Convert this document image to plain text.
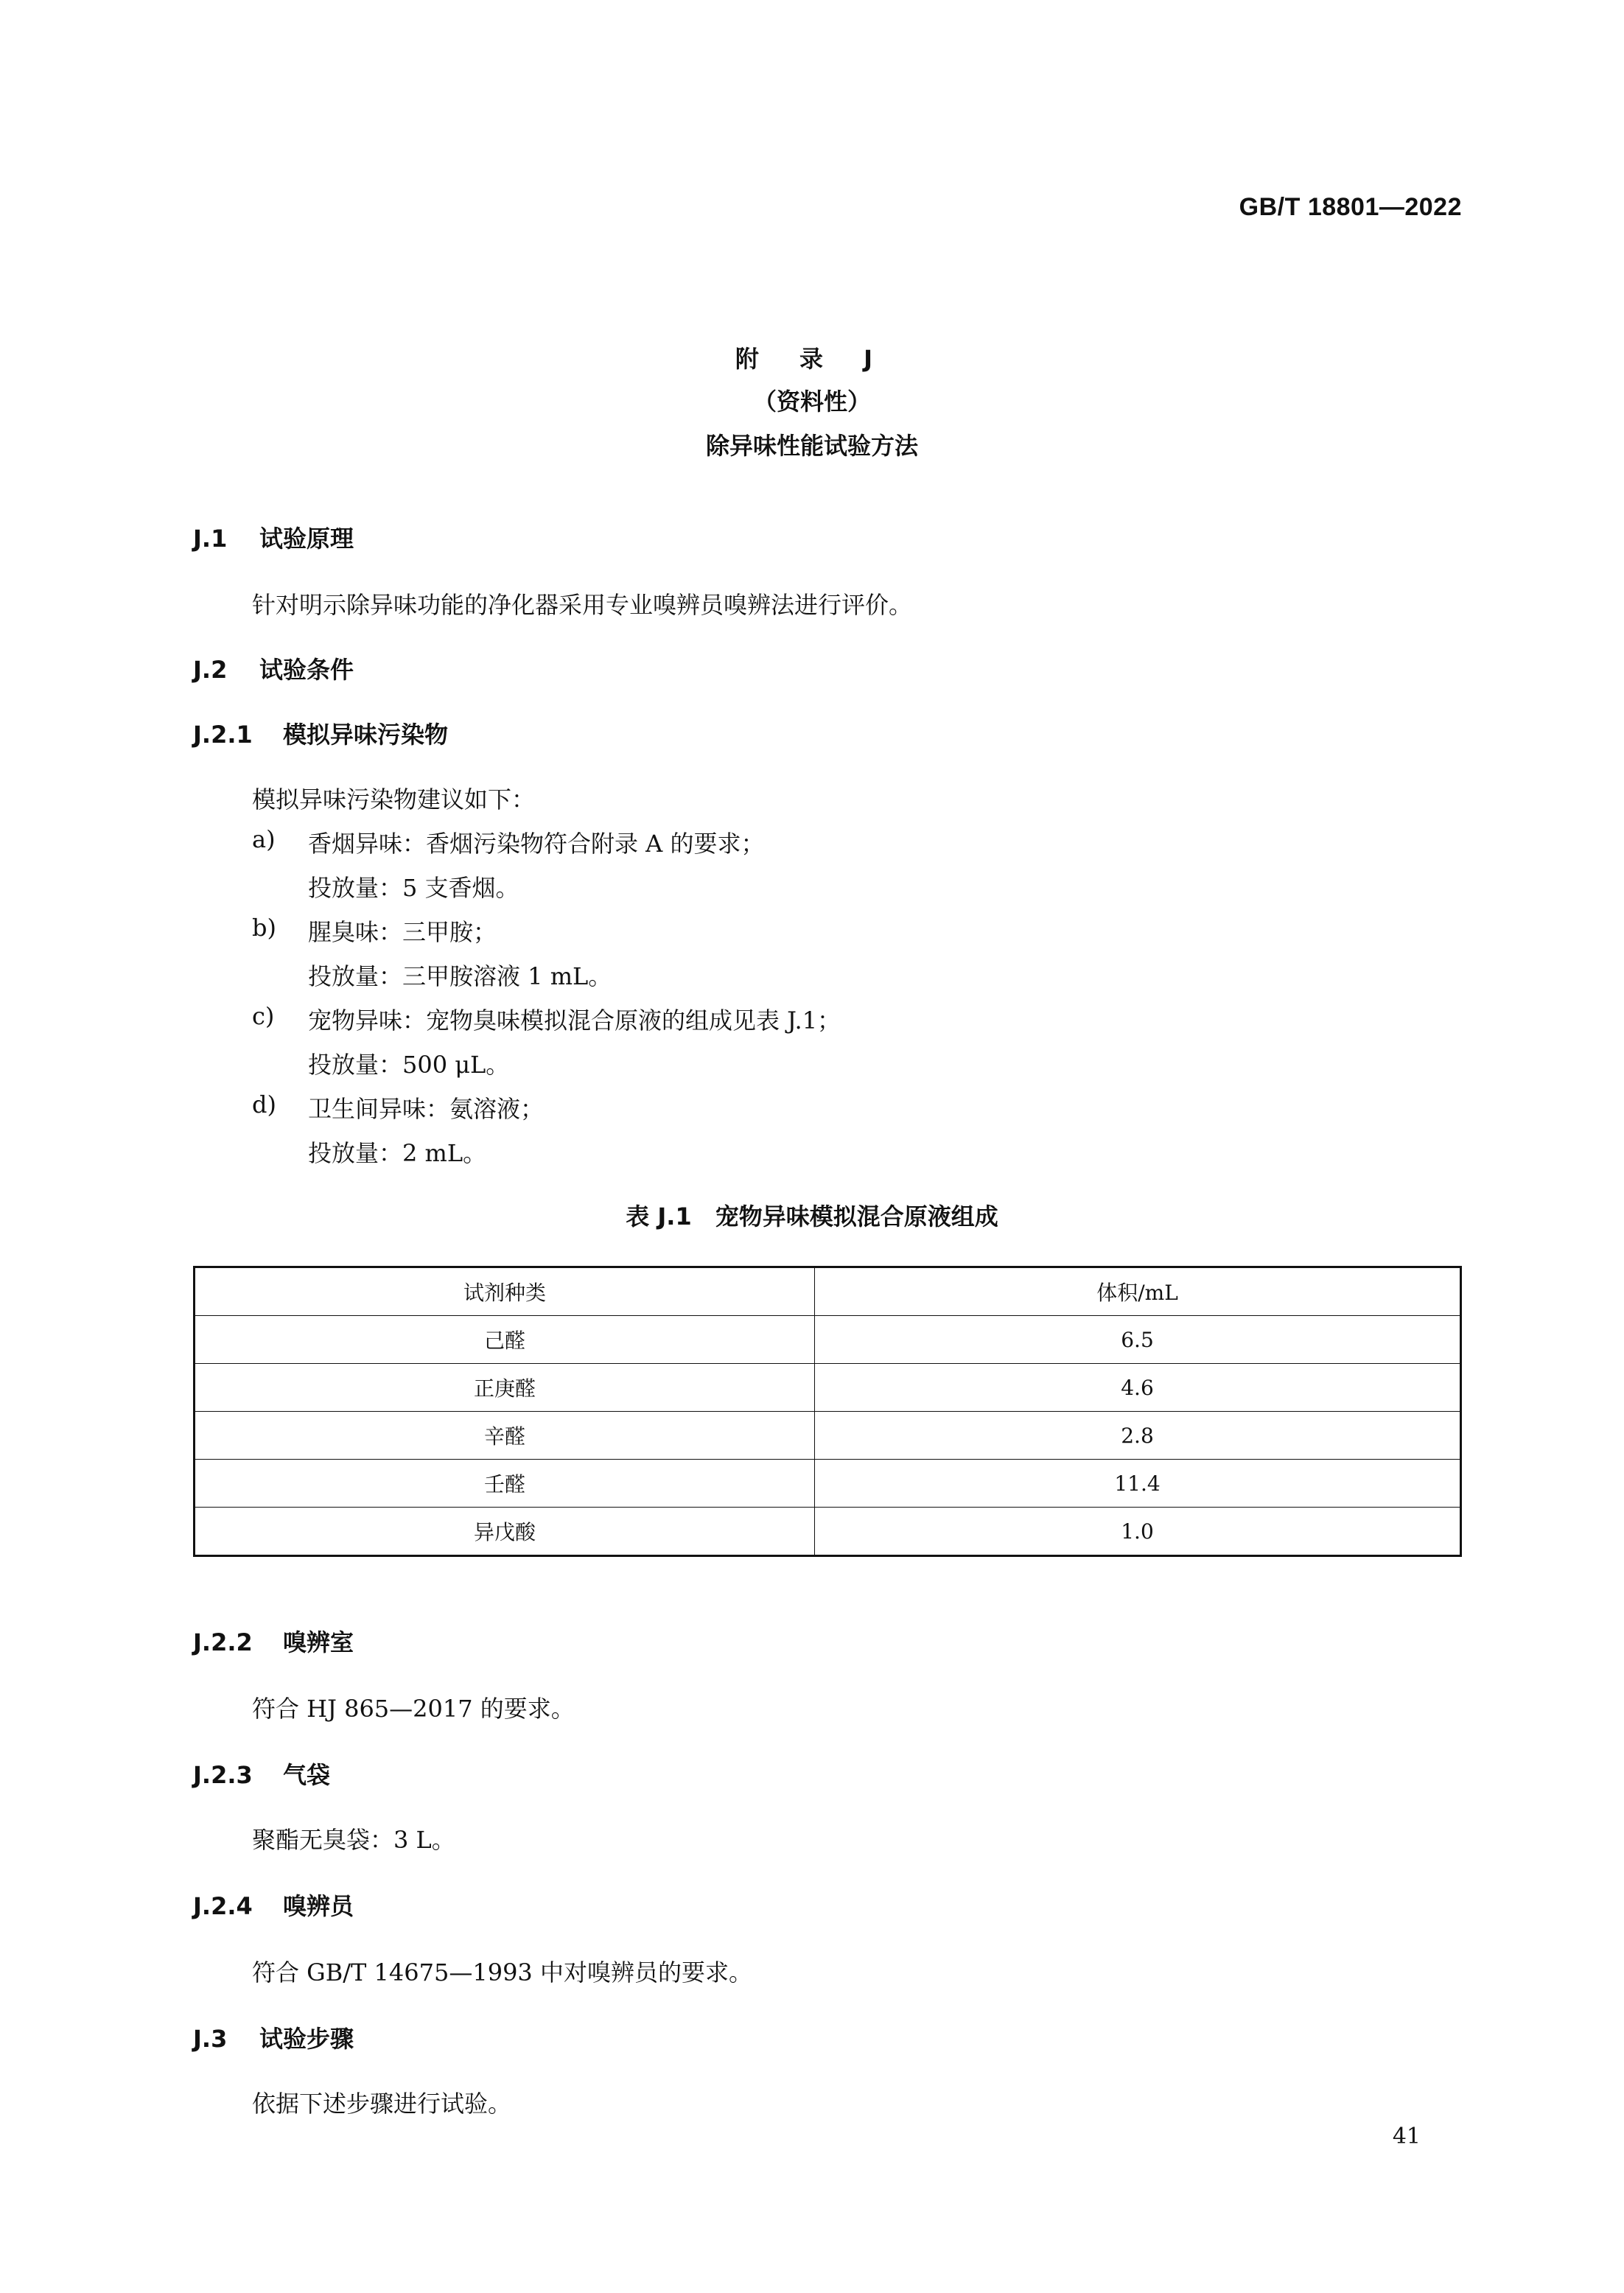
GB/T 18801—2022
附 录 J
（资料性）
除异味性能试验方法
J.1 试验原理
针对明示除异味功能的净化器采用专业嗅辨员嗅辨法进行评价。
J.2 试验条件
J.2.1 模拟异味污染物
模拟异味污染物建议如下：
a) 香烟异味：香烟污染物符合附录 A 的要求；
投放量：5 支香烟。
b) 腥臭味：三甲胺；
投放量：三甲胺溶液 1 mL。
c) 宠物异味：宠物臭味模拟混合原液的组成见表 J.1；
投放量：500 μL。
d) 卫生间异味：氨溶液；
投放量：2 mL。
表 J.1　宠物异味模拟混合原液组成
试剂种类	体积/mL
己醛	6.5
正庚醛	4.6
辛醛	2.8
壬醛	11.4
异戊酸	1.0
J.2.2 嗅辨室
符合 HJ 865—2017 的要求。
J.2.3 气袋
聚酯无臭袋：3 L。
J.2.4 嗅辨员
符合 GB/T 14675—1993 中对嗅辨员的要求。
J.3 试验步骤
依据下述步骤进行试验。
41
